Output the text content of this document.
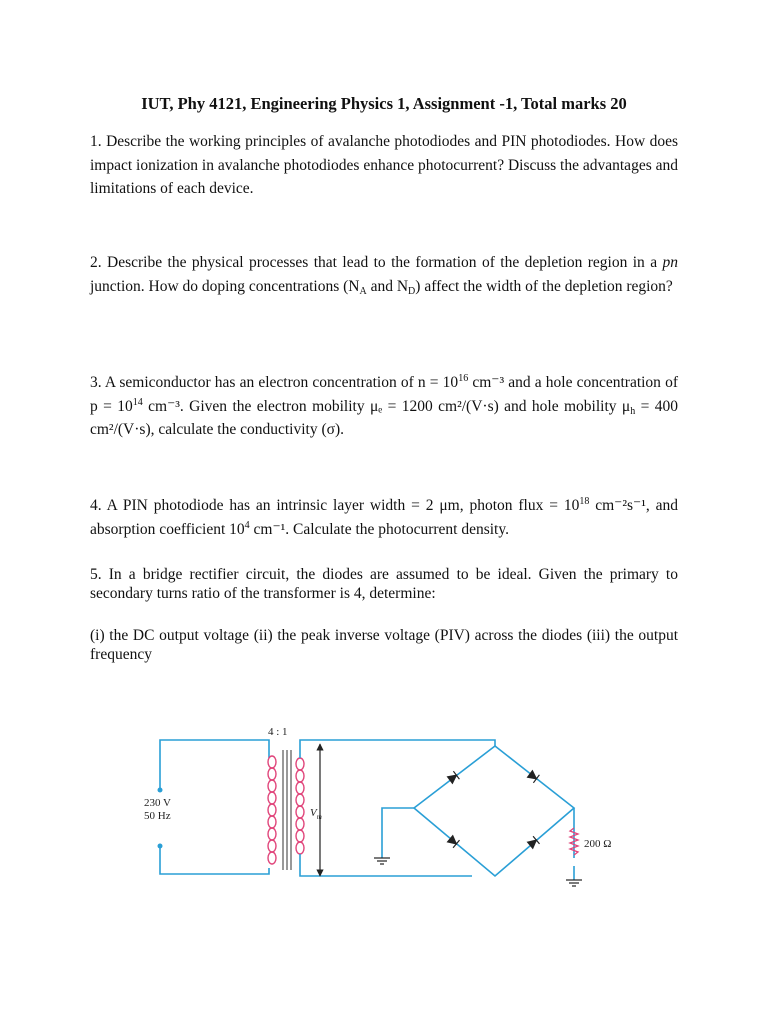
IUT, Phy 4121, Engineering Physics 1, Assignment -1, Total marks 20

1. Describe the working principles of avalanche photodiodes and PIN photodiodes. How does impact ionization in avalanche photodiodes enhance photocurrent? Discuss the advantages and limitations of each device.

2. Describe the physical processes that lead to the formation of the depletion region in a pn junction. How do doping concentrations ($N_A$ and $N_D$) affect the width of the depletion region?

3. A semiconductor has an electron concentration of $n = 10^{16}$ cm⁻³ and a hole concentration of $p = 10^{14}$ cm⁻³. Given the electron mobility μₑ = 1200 cm²/(V·s) and hole mobility $\mu_h = 400$ cm²/(V·s), calculate the conductivity (σ).

4. A PIN photodiode has an intrinsic layer width = 2 μm, photon flux = $10^{18}$ cm⁻²s⁻¹, and absorption coefficient $10^4$ cm⁻¹. Calculate the photocurrent density.

5. In a bridge rectifier circuit, the diodes are assumed to be ideal. Given the primary to secondary turns ratio of the transformer is 4, determine:

(i) the DC output voltage (ii) the peak inverse voltage (PIV) across the diodes (iii) the output frequency

4 : 1
230 V
50 Hz	$V_m$
200 Ω
